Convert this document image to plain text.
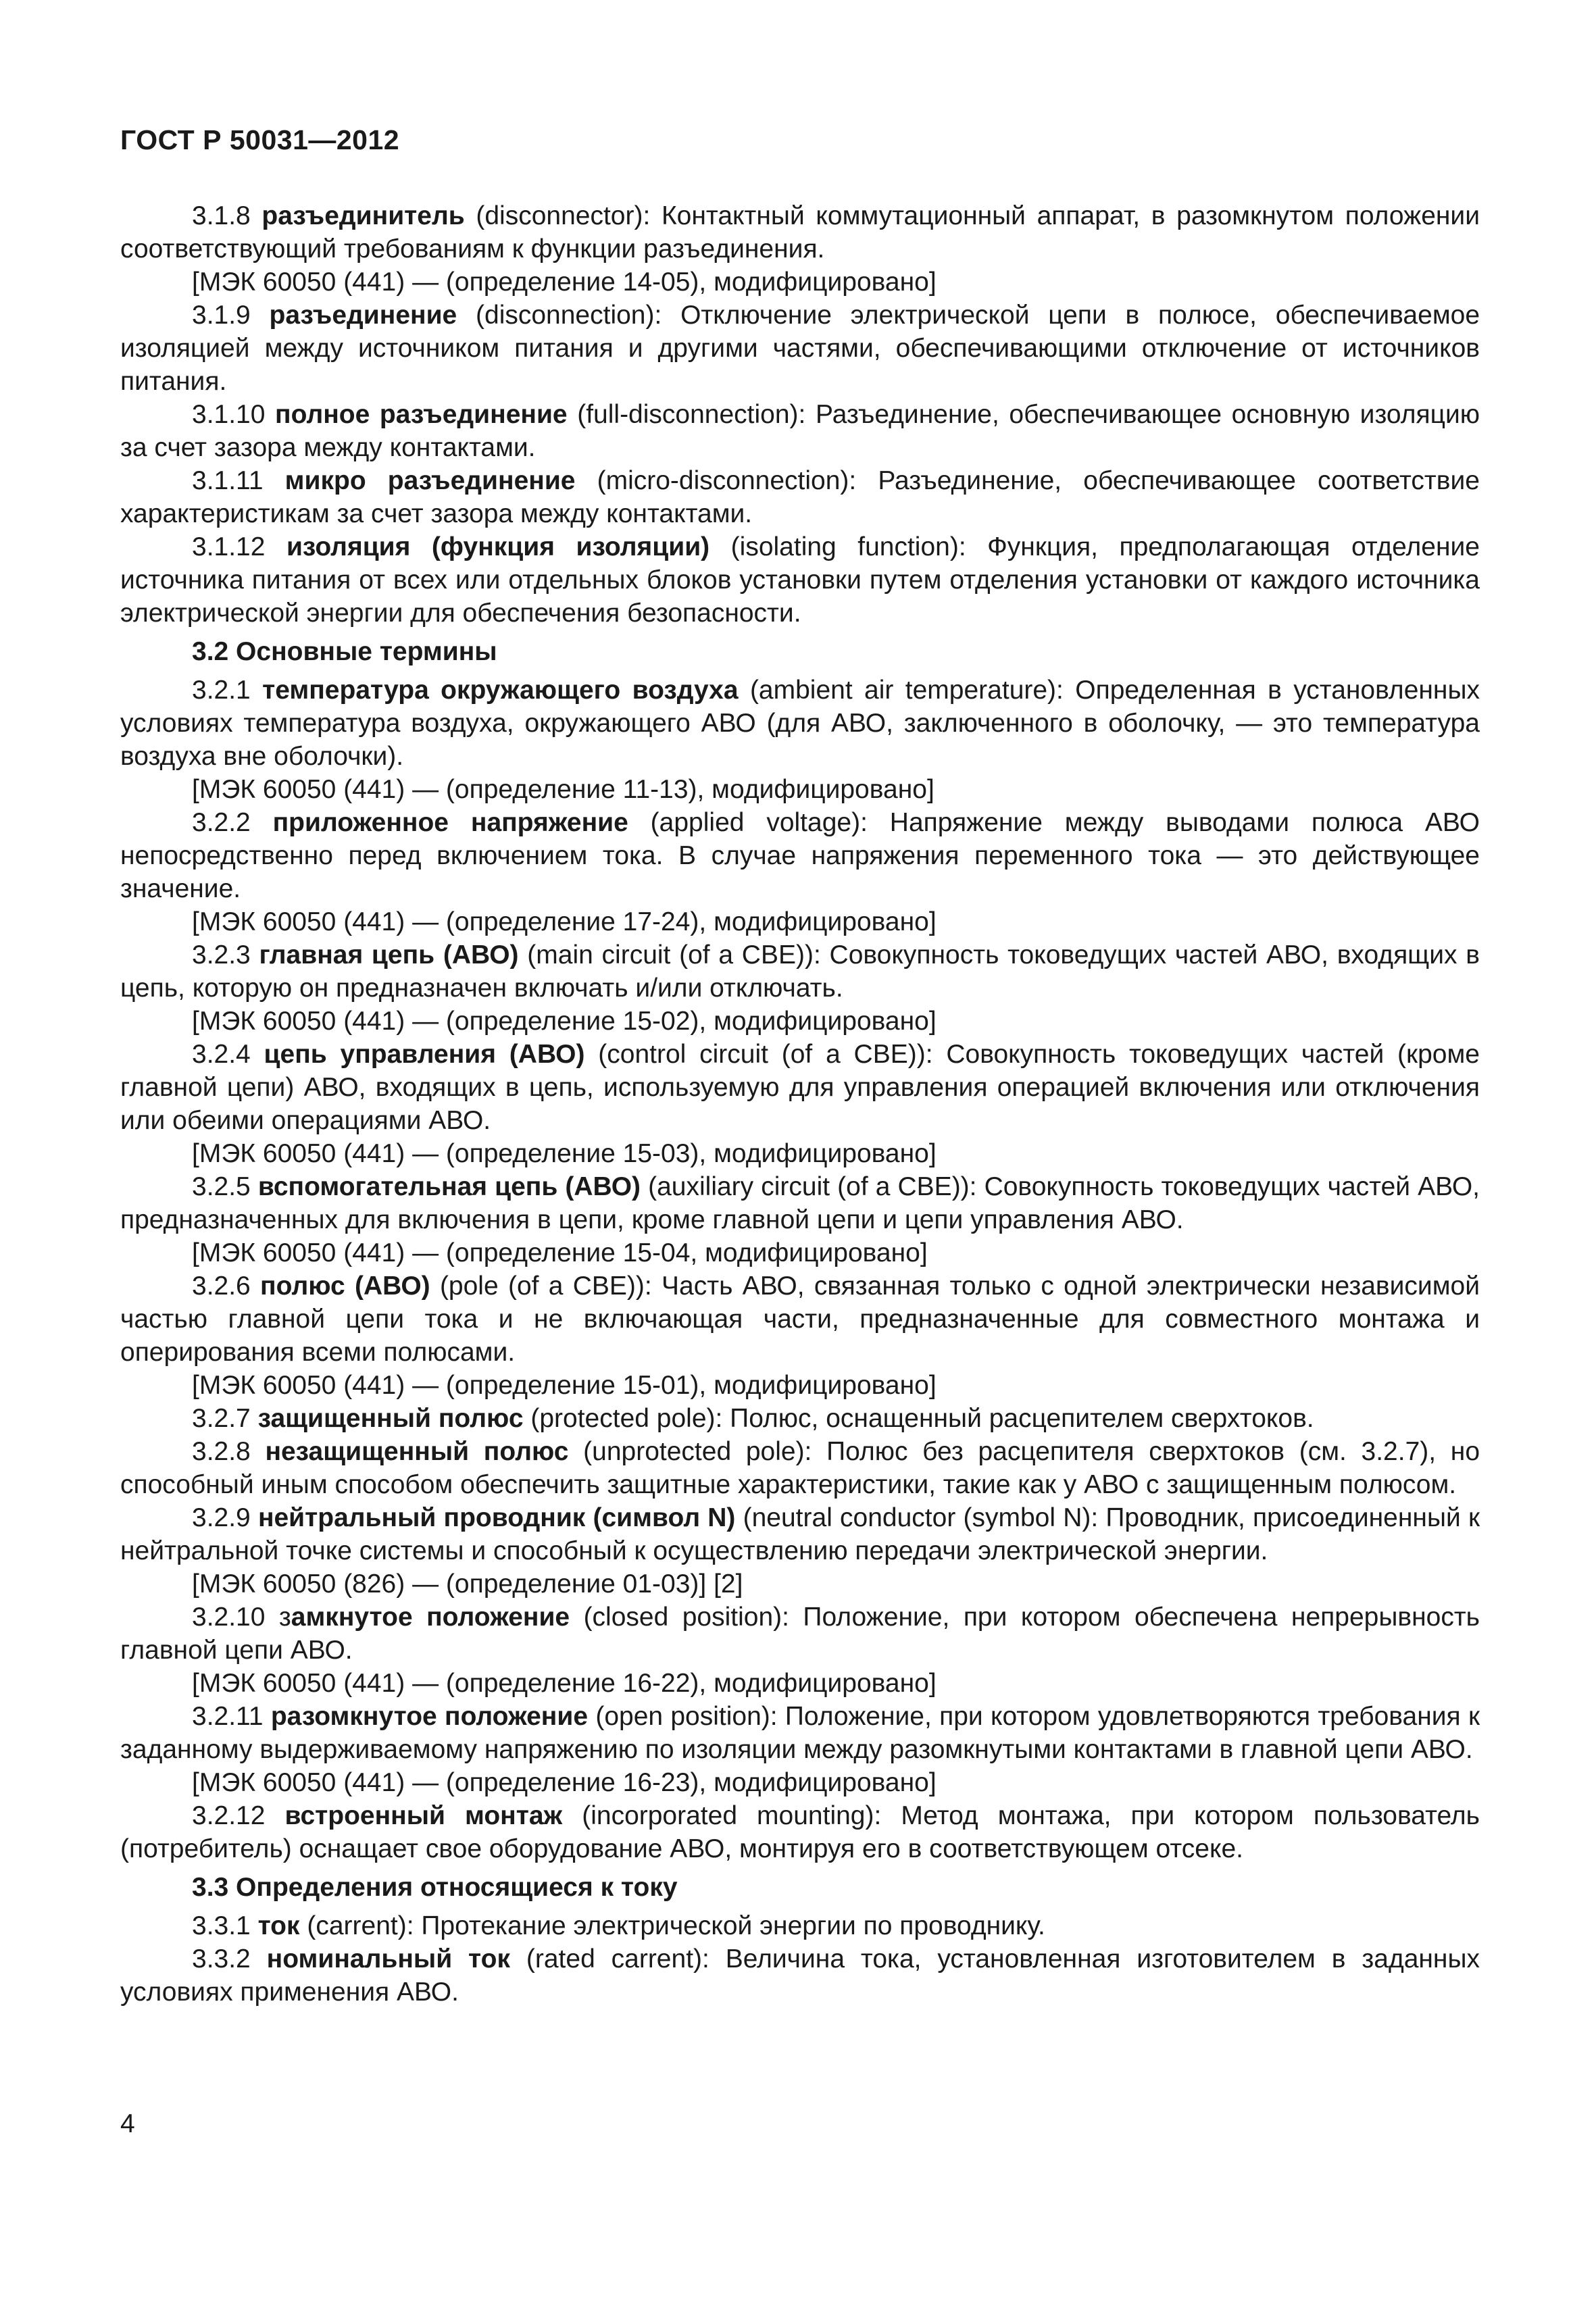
ГОСТ Р 50031—2012

3.1.8 разъединитель (disconnector): Контактный коммутационный аппарат, в разомкнутом положении соответствующий требованиям к функции разъединения.

[МЭК 60050 (441) — (определение 14-05), модифицировано]

3.1.9 разъединение (disconnection): Отключение электрической цепи в полюсе, обеспечиваемое изоляцией между источником питания и другими частями, обеспечивающими отключение от источников питания.

3.1.10 полное разъединение (full-disconnection): Разъединение, обеспечивающее основную изоляцию за счет зазора между контактами.

3.1.11 микро разъединение (micro-disconnection): Разъединение, обеспечивающее соответствие характеристикам за счет зазора между контактами.

3.1.12 изоляция (функция изоляции) (isolating function): Функция, предполагающая отделение источника питания от всех или отдельных блоков установки путем отделения установки от каждого источника электрической энергии для обеспечения безопасности.

3.2 Основные термины

3.2.1 температура окружающего воздуха (ambient air temperature): Определенная в установленных условиях температура воздуха, окружающего АВО (для АВО, заключенного в оболочку, — это температура воздуха вне оболочки).

[МЭК 60050 (441) — (определение 11-13), модифицировано]

3.2.2 приложенное напряжение (applied voltage): Напряжение между выводами полюса АВО непосредственно перед включением тока. В случае напряжения переменного тока — это действующее значение.

[МЭК 60050 (441) — (определение 17-24), модифицировано]

3.2.3 главная цепь (АВО) (main circuit (of a CBE)): Совокупность токоведущих частей АВО, входящих в цепь, которую он предназначен включать и/или отключать.

[МЭК 60050 (441) — (определение 15-02), модифицировано]

3.2.4 цепь управления (АВО) (control circuit (of a CBE)): Совокупность токоведущих частей (кроме главной цепи) АВО, входящих в цепь, используемую для управления операцией включения или отключения или обеими операциями АВО.

[МЭК 60050 (441) — (определение 15-03), модифицировано]

3.2.5 вспомогательная цепь (АВО) (auxiliary circuit (of a CBE)): Совокупность токоведущих частей АВО, предназначенных для включения в цепи, кроме главной цепи и цепи управления АВО.

[МЭК 60050 (441) — (определение 15-04, модифицировано]

3.2.6 полюс (АВО) (pole (of a CBE)): Часть АВО, связанная только с одной электрически независимой частью главной цепи тока и не включающая части, предназначенные для совместного монтажа и оперирования всеми полюсами.

[МЭК 60050 (441) — (определение 15-01), модифицировано]

3.2.7 защищенный полюс (protected pole): Полюс, оснащенный расцепителем сверхтоков.

3.2.8 незащищенный полюс (unprotected pole): Полюс без расцепителя сверхтоков (см. 3.2.7), но способный иным способом обеспечить защитные характеристики, такие как у АВО с защищенным полюсом.

3.2.9 нейтральный проводник (символ N) (neutral conductor (symbol N): Проводник, присоединенный к нейтральной точке системы и способный к осуществлению передачи электрической энергии.

[МЭК 60050 (826) — (определение 01-03)] [2]

3.2.10 замкнутое положение (closed position): Положение, при котором обеспечена непрерывность главной цепи АВО.

[МЭК 60050 (441) — (определение 16-22), модифицировано]

3.2.11 разомкнутое положение (open position): Положение, при котором удовлетворяются требования к заданному выдерживаемому напряжению по изоляции между разомкнутыми контактами в главной цепи АВО.

[МЭК 60050 (441) — (определение 16-23), модифицировано]

3.2.12 встроенный монтаж (incorporated mounting): Метод монтажа, при котором пользователь (потребитель) оснащает свое оборудование АВО, монтируя его в соответствующем отсеке.

3.3 Определения относящиеся к току

3.3.1 ток (carrent): Протекание электрической энергии по проводнику.

3.3.2 номинальный ток (rated carrent): Величина тока, установленная изготовителем в заданных условиях применения АВО.

4
